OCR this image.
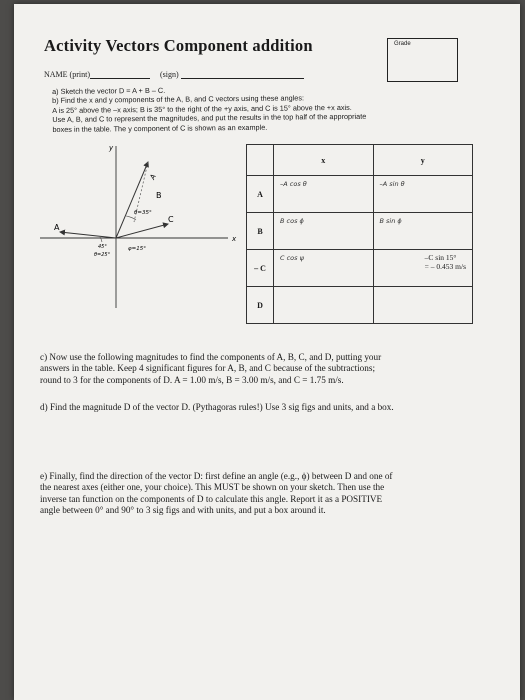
Activity Vectors Component addition	Grade
NAME (print)	(sign)
a) Sketch the vector D = A + B – C.
b) Find the x and y components of the A, B, and C vectors using these angles:
A is 25° above the –x axis; B is 35° to the right of the +y axis, and C is 15° above the +x axis.
Use A, B, and C to represent the magnitudes, and put the results in the top half of the appropriate
boxes in the table. The y component of C is shown as an example.
y
x
A
B
A
C
θ=35°
45°	φ=15°
θ=25°
	x	y
A	–A cos θ	–A sin θ

B	B cos ϕ	B sin ϕ

– C	C cos ψ	–C sin 15°
= – 0.453 m/s

D		
c) Now use the following magnitudes to find the components of A, B, C, and D, putting your
answers in the table. Keep 4 significant figures for A, B, and C because of the subtractions;
round to 3 for the components of D. A = 1.00 m/s, B = 3.00 m/s, and C = 1.75 m/s.
d) Find the magnitude D of the vector D. (Pythagoras rules!) Use 3 sig figs and units, and a box.
e) Finally, find the direction of the vector D: first define an angle (e.g., ϕ) between D and one of
the nearest axes (either one, your choice). This MUST be shown on your sketch. Then use the
inverse tan function on the components of D to calculate this angle. Report it as a POSITIVE
angle between 0° and 90° to 3 sig figs and with units, and put a box around it.
